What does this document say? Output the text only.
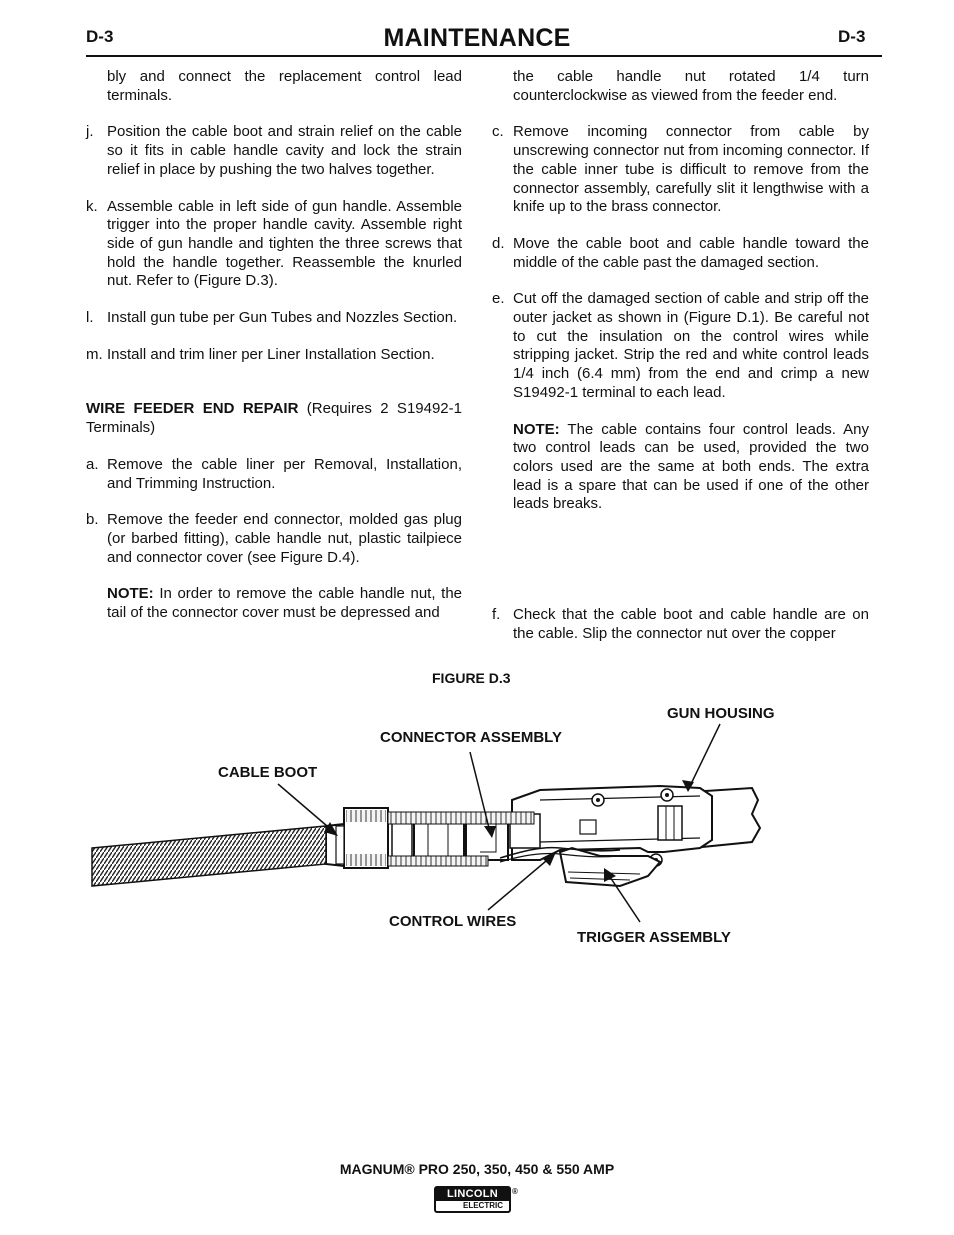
D-3	MAINTENANCE	D-3
bly and connect the replacement control lead terminals.
j. Position the cable boot and strain relief on the cable so it fits in cable handle cavity and lock the strain relief in place by pushing the two halves together.
k. Assemble cable in left side of gun handle. Assemble trigger into the proper handle cavity. Assemble right side of gun handle and tighten the three screws that hold the handle together. Reassemble the knurled nut. Refer to (Figure D.3).
l. Install gun tube per Gun Tubes and Nozzles Section.
m. Install and trim liner per Liner Installation Section.
WIRE FEEDER END REPAIR (Requires 2 S19492-1 Terminals)
a. Remove the cable liner per Removal, Installation, and Trimming Instruction.
b. Remove the feeder end connector, molded gas plug (or barbed fitting), cable handle nut, plastic tailpiece and connector cover (see Figure D.4).
NOTE: In order to remove the cable handle nut, the tail of the connector cover must be depressed and
the cable handle nut rotated 1/4 turn counterclockwise as viewed from the feeder end.
c. Remove incoming connector from cable by unscrewing connector nut from incoming connector. If the cable inner tube is difficult to remove from the connector assembly, carefully slit it lengthwise with a knife up to the brass connector.
d. Move the cable boot and cable handle toward the middle of the cable past the damaged section.
e. Cut off the damaged section of cable and strip off the outer jacket as shown in (Figure D.1). Be careful not to cut the insulation on the control wires while stripping jacket. Strip the red and white control leads 1/4 inch (6.4 mm) from the end and crimp a new S19492-1 terminal to each lead.
NOTE: The cable contains four control leads. Any two control leads can be used, provided the two colors used are the same at both ends. The extra lead is a spare that can be used if one of the other leads breaks.
f. Check that the cable boot and cable handle are on the cable. Slip the connector nut over the copper
FIGURE D.3
GUN HOUSING
CONNECTOR ASSEMBLY
CABLE BOOT
CONTROL WIRES
TRIGGER ASSEMBLY
MAGNUM® PRO 250, 350, 450 & 550 AMP
LINCOLN
ELECTRIC
®
